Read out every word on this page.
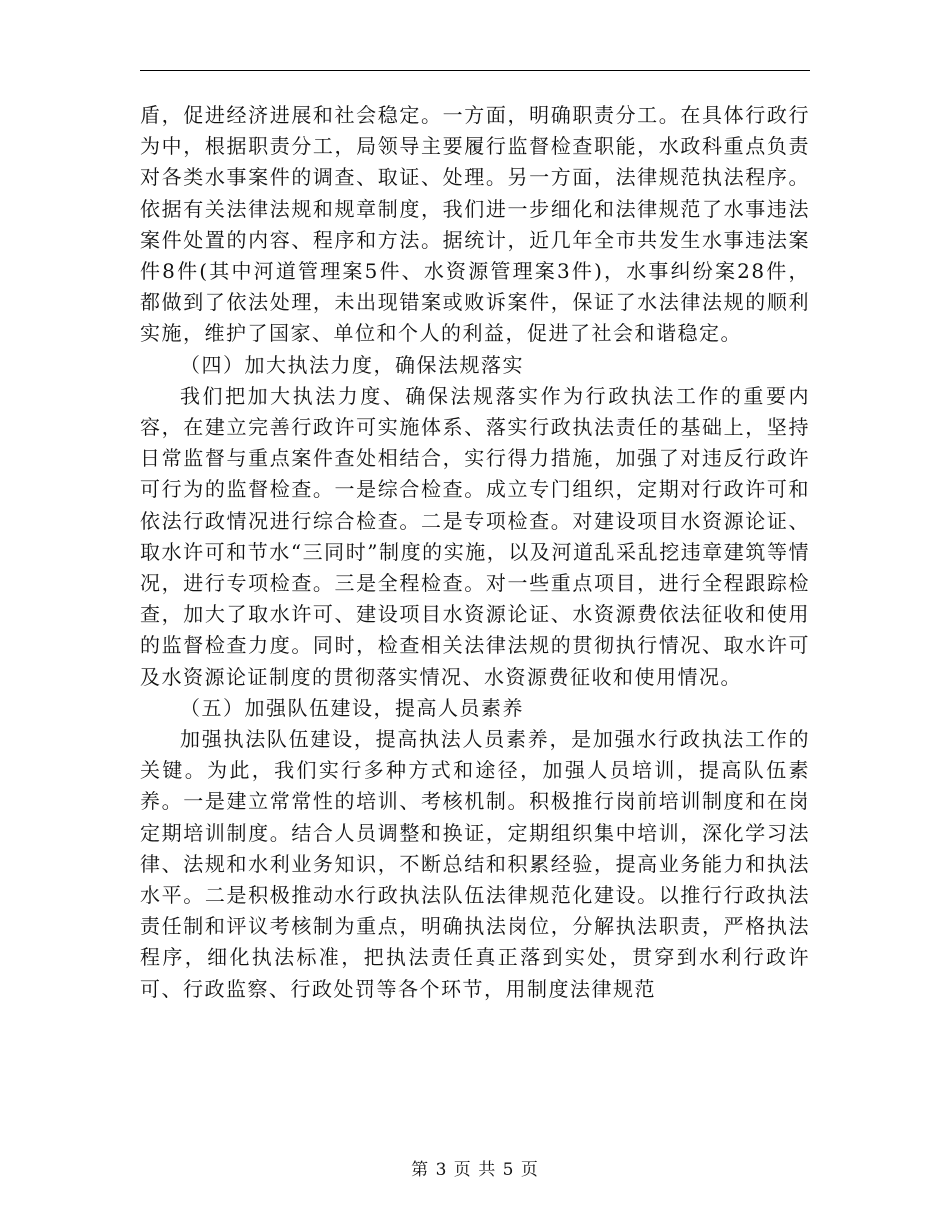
盾，促进经济进展和社会稳定。一方面，明确职责分工。在具体行政行为中，根据职责分工，局领导主要履行监督检查职能，水政科重点负责对各类水事案件的调查、取证、处理。另一方面，法律规范执法程序。依据有关法律法规和规章制度，我们进一步细化和法律规范了水事违法案件处置的内容、程序和方法。据统计，近几年全市共发生水事违法案件8件(其中河道管理案5件、水资源管理案3件)，水事纠纷案28件，都做到了依法处理，未出现错案或败诉案件，保证了水法律法规的顺利实施，维护了国家、单位和个人的利益，促进了社会和谐稳定。

（四）加大执法力度，确保法规落实

我们把加大执法力度、确保法规落实作为行政执法工作的重要内容，在建立完善行政许可实施体系、落实行政执法责任的基础上，坚持日常监督与重点案件查处相结合，实行得力措施，加强了对违反行政许可行为的监督检查。一是综合检查。成立专门组织，定期对行政许可和依法行政情况进行综合检查。二是专项检查。对建设项目水资源论证、取水许可和节水“三同时”制度的实施，以及河道乱采乱挖违章建筑等情况，进行专项检查。三是全程检查。对一些重点项目，进行全程跟踪检查，加大了取水许可、建设项目水资源论证、水资源费依法征收和使用的监督检查力度。同时，检查相关法律法规的贯彻执行情况、取水许可及水资源论证制度的贯彻落实情况、水资源费征收和使用情况。

（五）加强队伍建设，提高人员素养

加强执法队伍建设，提高执法人员素养，是加强水行政执法工作的关键。为此，我们实行多种方式和途径，加强人员培训，提高队伍素养。一是建立常常性的培训、考核机制。积极推行岗前培训制度和在岗定期培训制度。结合人员调整和换证，定期组织集中培训，深化学习法律、法规和水利业务知识，不断总结和积累经验，提高业务能力和执法水平。二是积极推动水行政执法队伍法律规范化建设。以推行行政执法责任制和评议考核制为重点，明确执法岗位，分解执法职责，严格执法程序，细化执法标准，把执法责任真正落到实处，贯穿到水利行政许可、行政监察、行政处罚等各个环节，用制度法律规范

第 3 页 共 5 页
